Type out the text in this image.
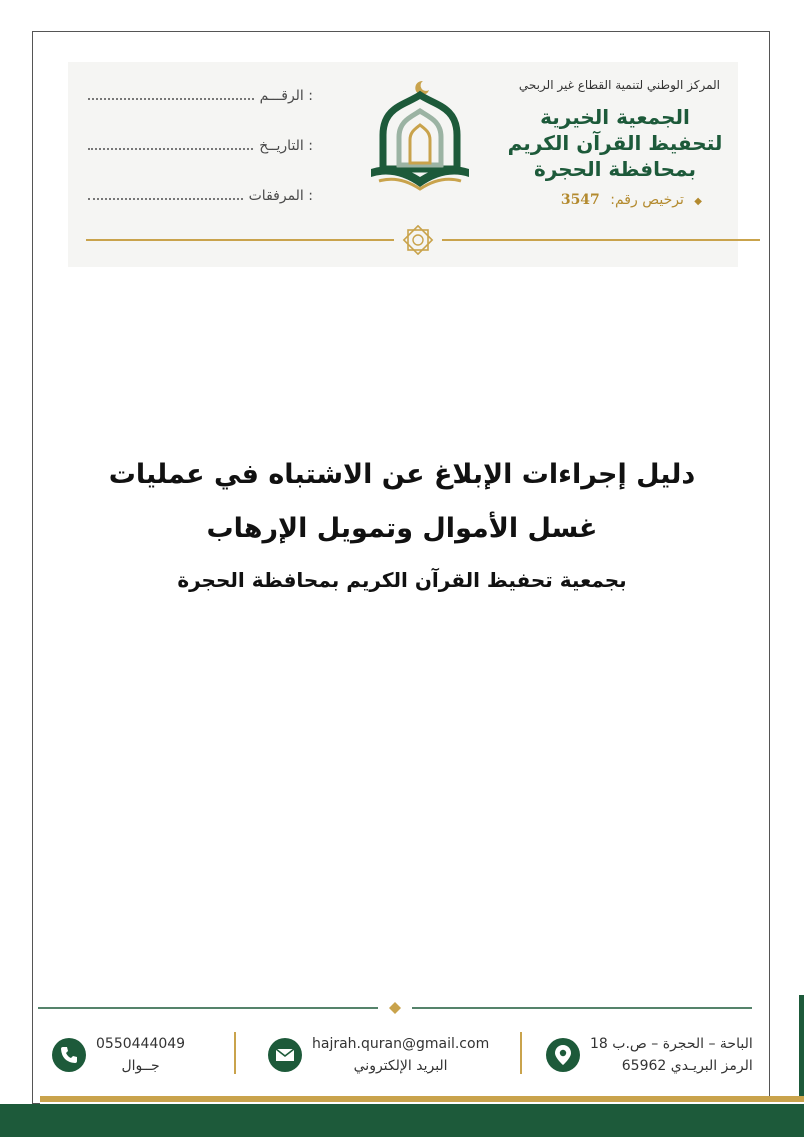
الرقـــم :
التاريــخ :
المرفقات :
المركز الوطني لتنمية القطاع غير الربحي
الجمعية الخيرية
لتحفيظ القرآن الكريم
بمحافظة الحجرة
◆ ترخيص رقم: 3547
دليل إجراءات الإبلاغ عن الاشتباه في عمليات
غسل الأموال وتمويل الإرهاب
بجمعية تحفيظ القرآن الكريم بمحافظة الحجرة
0550444049
جــوال
hajrah.quran@gmail.com
البريد الإلكتروني
الباحة – الحجرة – ص.ب 18
الرمز البريـدي 65962
